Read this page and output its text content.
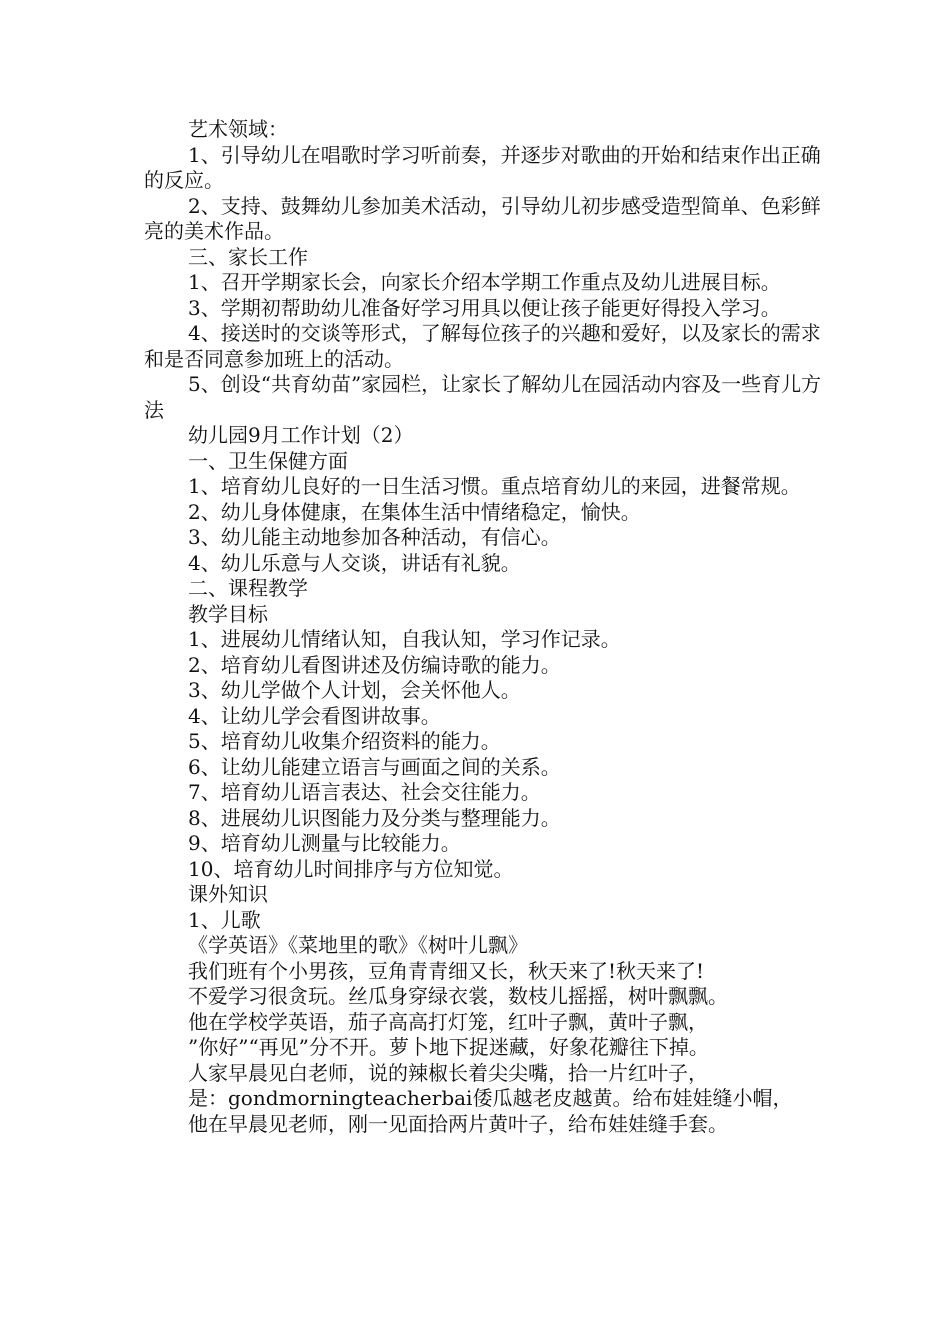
艺术领域：

1、引导幼儿在唱歌时学习听前奏，并逐步对歌曲的开始和结束作出正确的反应。

2、支持、鼓舞幼儿参加美术活动，引导幼儿初步感受造型简单、色彩鲜亮的美术作品。

三、家长工作

1、召开学期家长会，向家长介绍本学期工作重点及幼儿进展目标。

3、学期初帮助幼儿准备好学习用具以便让孩子能更好得投入学习。

4、接送时的交谈等形式，了解每位孩子的兴趣和爱好，以及家长的需求和是否同意参加班上的活动。

5、创设“共育幼苗”家园栏，让家长了解幼儿在园活动内容及一些育儿方法

幼儿园9月工作计划（2）

一、卫生保健方面

1、培育幼儿良好的一日生活习惯。重点培育幼儿的来园，进餐常规。

2、幼儿身体健康，在集体生活中情绪稳定，愉快。

3、幼儿能主动地参加各种活动，有信心。

4、幼儿乐意与人交谈，讲话有礼貌。

二、课程教学

教学目标

1、进展幼儿情绪认知，自我认知，学习作记录。

2、培育幼儿看图讲述及仿编诗歌的能力。

3、幼儿学做个人计划，会关怀他人。

4、让幼儿学会看图讲故事。

5、培育幼儿收集介绍资料的能力。

6、让幼儿能建立语言与画面之间的关系。

7、培育幼儿语言表达、社会交往能力。

8、进展幼儿识图能力及分类与整理能力。

9、培育幼儿测量与比较能力。

10、培育幼儿时间排序与方位知觉。

课外知识

1、儿歌

《学英语》《菜地里的歌》《树叶儿飘》

我们班有个小男孩，豆角青青细又长，秋天来了!秋天来了!

不爱学习很贪玩。丝瓜身穿绿衣裳，数枝儿摇摇，树叶飘飘。

他在学校学英语，茄子高高打灯笼，红叶子飘，黄叶子飘，

”你好”“再见”分不开。萝卜地下捉迷藏，好象花瓣往下掉。

人家早晨见白老师，说的辣椒长着尖尖嘴，拾一片红叶子，

是：gondmorningteacherbai倭瓜越老皮越黄。给布娃娃缝小帽，

他在早晨见老师，刚一见面拾两片黄叶子，给布娃娃缝手套。
